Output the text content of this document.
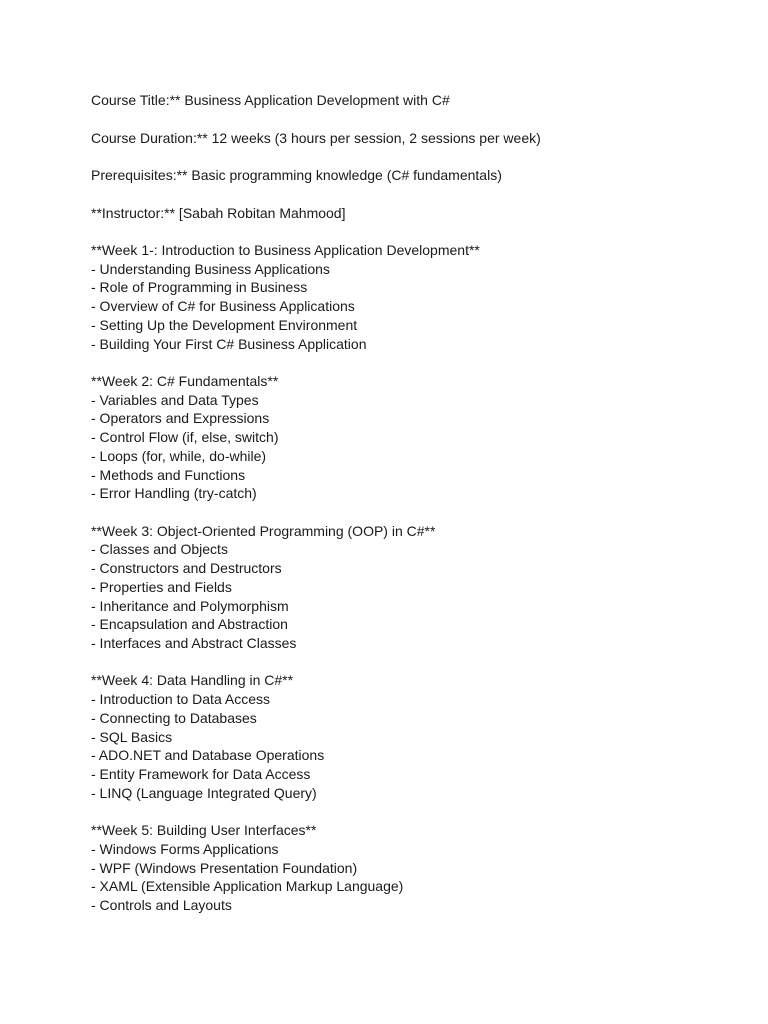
Course Title:** Business Application Development with C#

Course Duration:** 12 weeks (3 hours per session, 2 sessions per week)

Prerequisites:** Basic programming knowledge (C# fundamentals)

**Instructor:** [Sabah Robitan Mahmood]

**Week 1-: Introduction to Business Application Development**

- Understanding Business Applications

- Role of Programming in Business

- Overview of C# for Business Applications

- Setting Up the Development Environment

- Building Your First C# Business Application

**Week 2: C# Fundamentals**

- Variables and Data Types

- Operators and Expressions

- Control Flow (if, else, switch)

- Loops (for, while, do-while)

- Methods and Functions

- Error Handling (try-catch)

**Week 3: Object-Oriented Programming (OOP) in C#**

- Classes and Objects

- Constructors and Destructors

- Properties and Fields

- Inheritance and Polymorphism

- Encapsulation and Abstraction

- Interfaces and Abstract Classes

**Week 4: Data Handling in C#**

- Introduction to Data Access

- Connecting to Databases

- SQL Basics

- ADO.NET and Database Operations

- Entity Framework for Data Access

- LINQ (Language Integrated Query)

**Week 5: Building User Interfaces**

- Windows Forms Applications

- WPF (Windows Presentation Foundation)

- XAML (Extensible Application Markup Language)

- Controls and Layouts
